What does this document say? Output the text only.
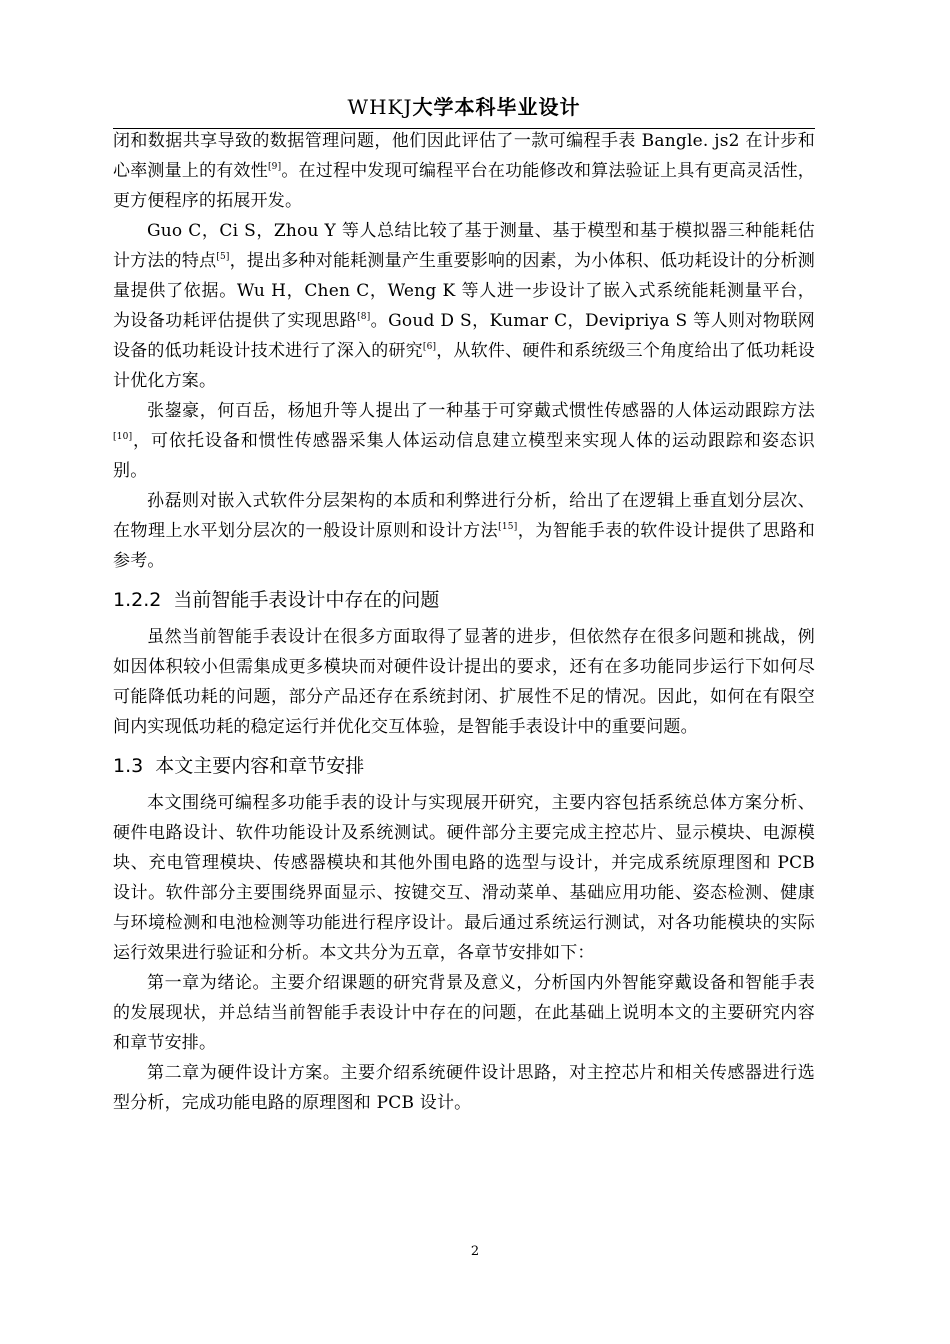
WHKJ大学本科毕业设计

闭和数据共享导致的数据管理问题，他们因此评估了一款可编程手表 Bangle. js2 在计步和心率测量上的有效性[9]。在过程中发现可编程平台在功能修改和算法验证上具有更高灵活性，更方便程序的拓展开发。

Guo C，Ci S，Zhou Y 等人总结比较了基于测量、基于模型和基于模拟器三种能耗估计方法的特点[5]，提出多种对能耗测量产生重要影响的因素，为小体积、低功耗设计的分析测量提供了依据。Wu H，Chen C，Weng K 等人进一步设计了嵌入式系统能耗测量平台，为设备功耗评估提供了实现思路[8]。Goud D S，Kumar C，Devipriya S 等人则对物联网设备的低功耗设计技术进行了深入的研究[6]，从软件、硬件和系统级三个角度给出了低功耗设计优化方案。

张鋆豪，何百岳，杨旭升等人提出了一种基于可穿戴式惯性传感器的人体运动跟踪方法[10]，可依托设备和惯性传感器采集人体运动信息建立模型来实现人体的运动跟踪和姿态识别。

孙磊则对嵌入式软件分层架构的本质和利弊进行分析，给出了在逻辑上垂直划分层次、在物理上水平划分层次的一般设计原则和设计方法[15]，为智能手表的软件设计提供了思路和参考。

1.2.2 当前智能手表设计中存在的问题

虽然当前智能手表设计在很多方面取得了显著的进步，但依然存在很多问题和挑战，例如因体积较小但需集成更多模块而对硬件设计提出的要求，还有在多功能同步运行下如何尽可能降低功耗的问题，部分产品还存在系统封闭、扩展性不足的情况。因此，如何在有限空间内实现低功耗的稳定运行并优化交互体验，是智能手表设计中的重要问题。

1.3 本文主要内容和章节安排

本文围绕可编程多功能手表的设计与实现展开研究，主要内容包括系统总体方案分析、硬件电路设计、软件功能设计及系统测试。硬件部分主要完成主控芯片、显示模块、电源模块、充电管理模块、传感器模块和其他外围电路的选型与设计，并完成系统原理图和 PCB 设计。软件部分主要围绕界面显示、按键交互、滑动菜单、基础应用功能、姿态检测、健康与环境检测和电池检测等功能进行程序设计。最后通过系统运行测试，对各功能模块的实际运行效果进行验证和分析。本文共分为五章，各章节安排如下：

第一章为绪论。主要介绍课题的研究背景及意义，分析国内外智能穿戴设备和智能手表的发展现状，并总结当前智能手表设计中存在的问题，在此基础上说明本文的主要研究内容和章节安排。

第二章为硬件设计方案。主要介绍系统硬件设计思路，对主控芯片和相关传感器进行选型分析，完成功能电路的原理图和 PCB 设计。

2
